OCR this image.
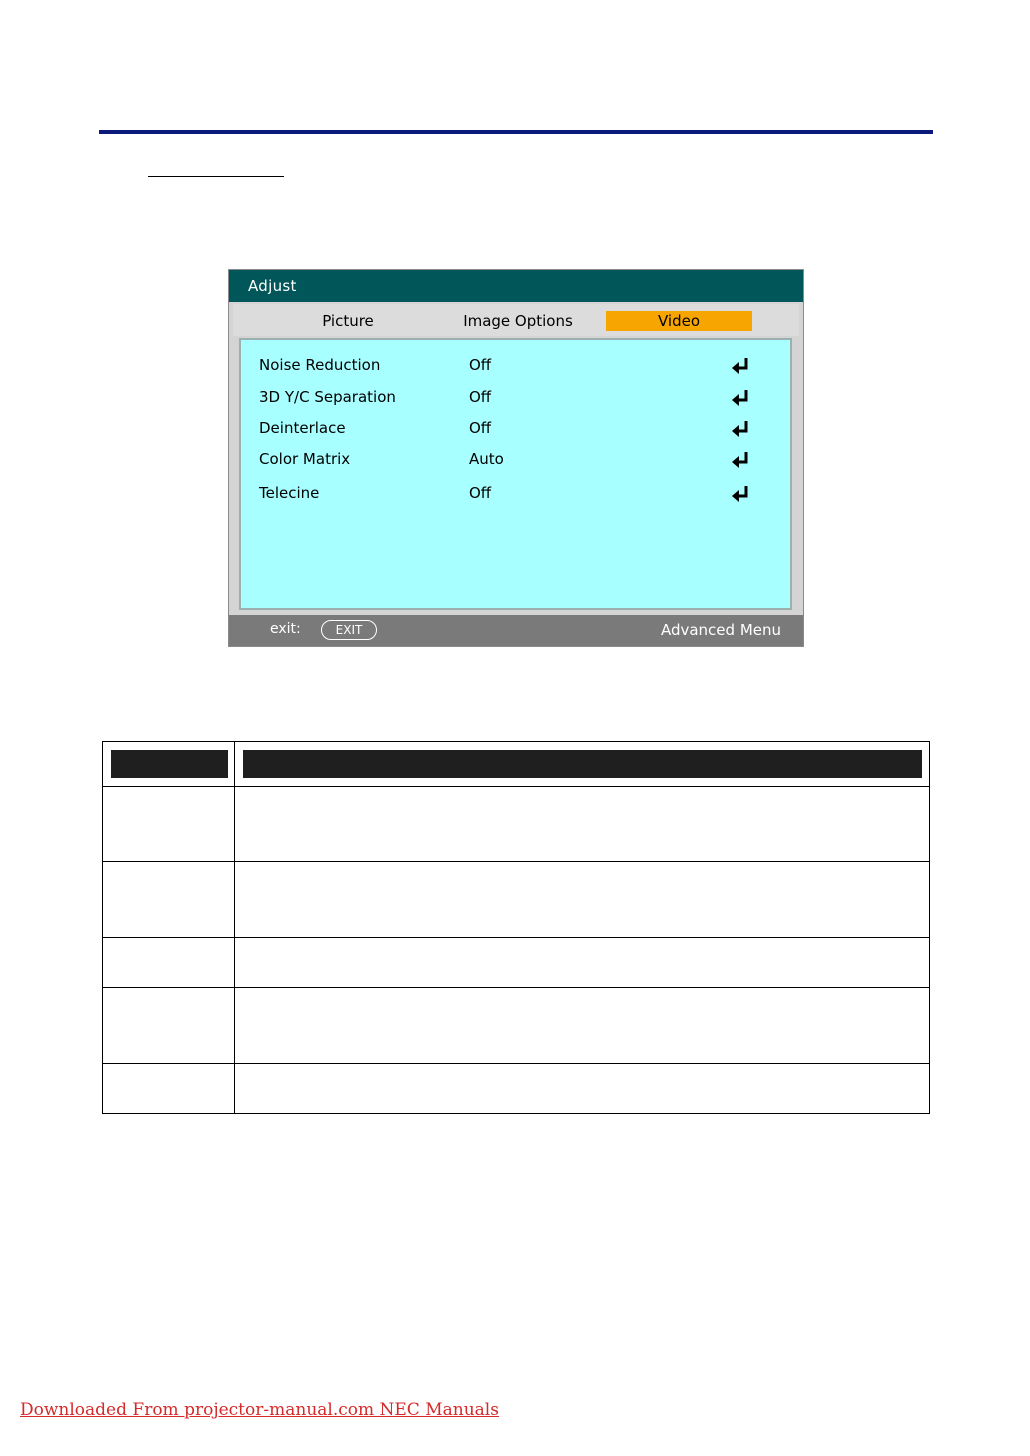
Adjust
Picture	Image Options	Video
Noise Reduction	Off
3D Y/C Separation	Off
Deinterlace	Off
Color Matrix	Auto
Telecine	Off
exit:	EXIT	Advanced Menu
Downloaded From projector-manual.com NEC Manuals
